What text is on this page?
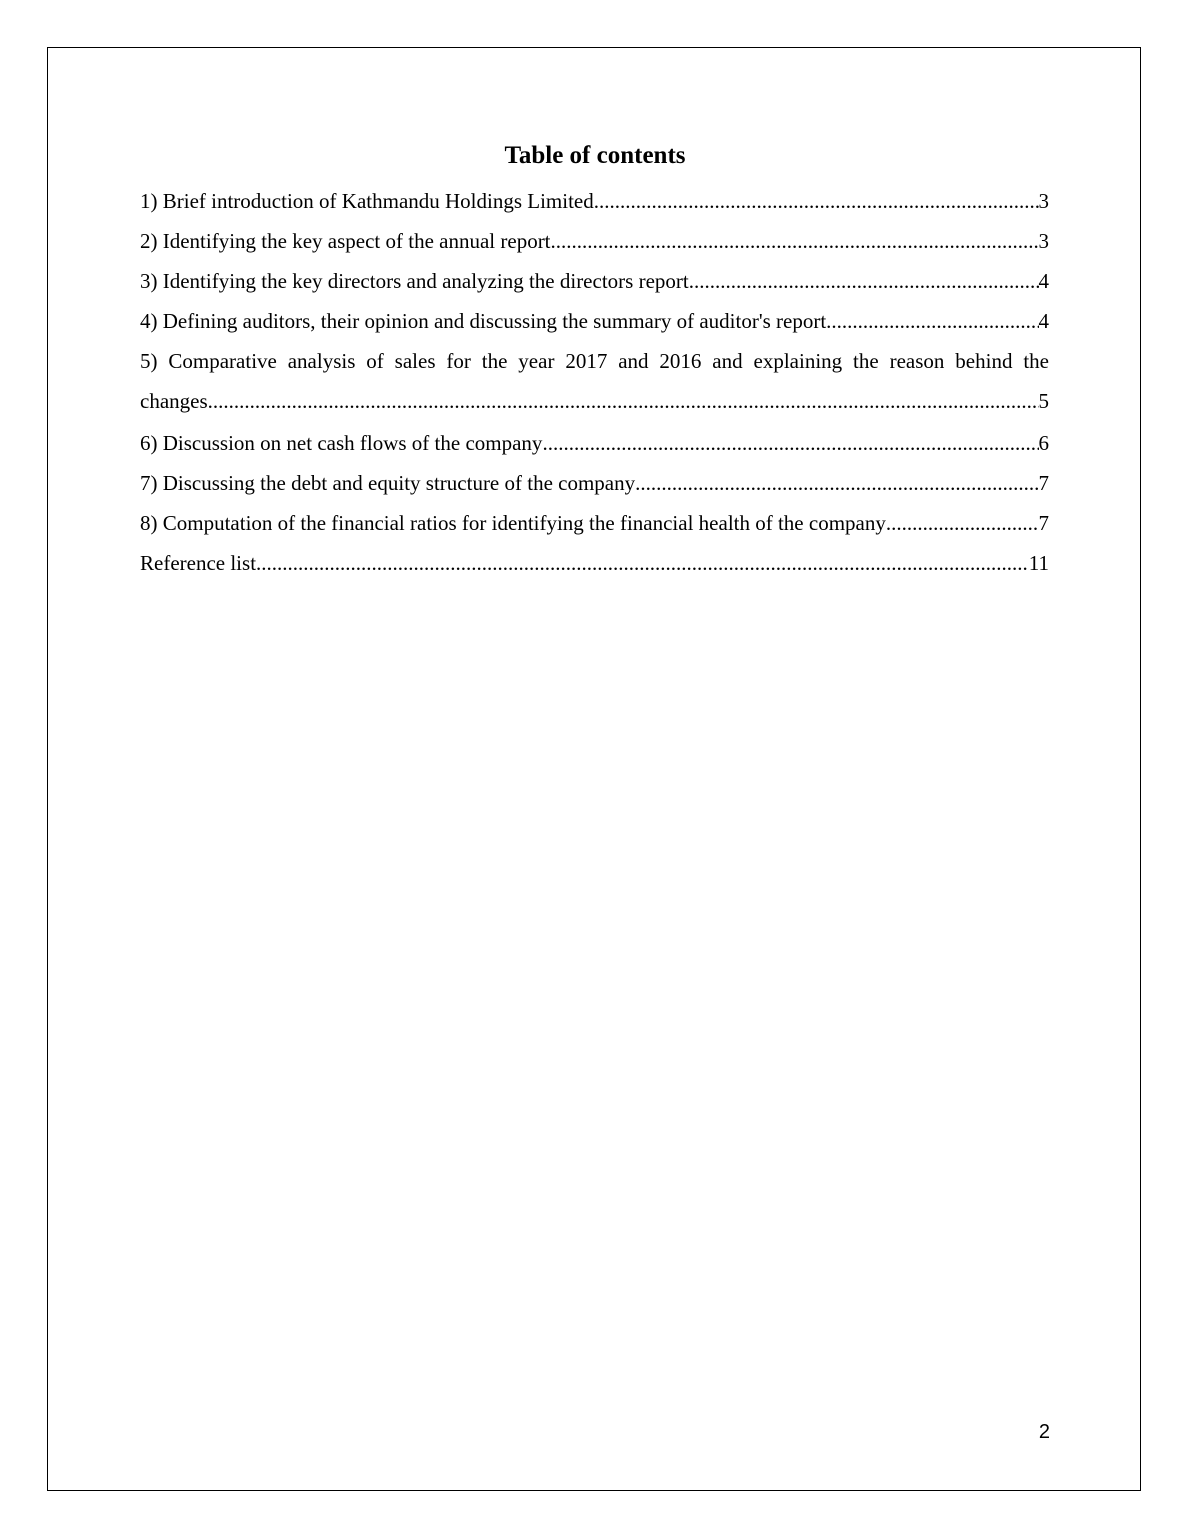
Table of contents
1) Brief introduction of Kathmandu Holdings Limited .....	3
2) Identifying the key aspect of the annual report .....	3
3) Identifying the key directors and analyzing the directors report .....	4
4) Defining auditors, their opinion and discussing the summary of auditor's report .....	4
5) Comparative analysis of sales for the year 2017 and 2016 and explaining the reason behind the
changes .....	5
6) Discussion on net cash flows of the company .....	6
7) Discussing the debt and equity structure of the company .....	7
8) Computation of the financial ratios for identifying the financial health of the company .....	7
Reference list .....	11
2
